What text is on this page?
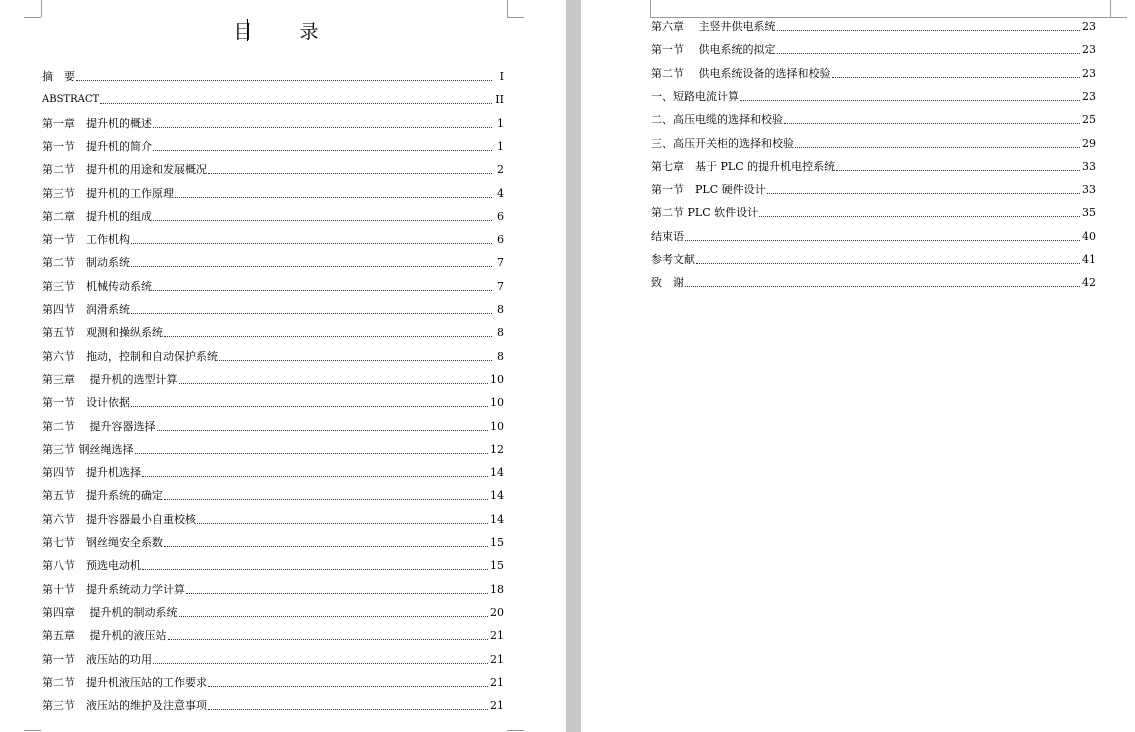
目　录
摘　要	I
ABSTRACT	II
第一章　提升机的概述	1
第一节　提升机的简介	1
第二节　提升机的用途和发展概况	2
第三节　提升机的工作原理	4
第二章　提升机的组成	6
第一节　工作机构	6
第二节　制动系统	7
第三节　机械传动系统	7
第四节　润滑系统	8
第五节　观测和操纵系统	8
第六节　拖动，控制和自动保护系统	8
第三章　 提升机的选型计算	10
第一节　设计依据	10
第二节　 提升容器选择	10
第三节 钢丝绳选择	12
第四节　提升机选择	14
第五节　提升系统的确定	14
第六节　提升容器最小自重校核	14
第七节　钢丝绳安全系数	15
第八节　预选电动机	15
第十节　提升系统动力学计算	18
第四章　 提升机的制动系统	20
第五章　 提升机的液压站	21
第一节　液压站的功用	21
第二节　提升机液压站的工作要求	21
第三节　液压站的维护及注意事项	21
第六章　 主竖井供电系统	23
第一节　 供电系统的拟定	23
第二节　 供电系统设备的选择和校验	23
一、短路电流计算	23
二、高压电缆的选择和校验	25
三、高压开关柜的选择和校验	29
第七章　基于 PLC 的提升机电控系统	33
第一节　PLC 硬件设计	33
第二节 PLC 软件设计	35
结束语	40
参考文献	41
致　谢	42
